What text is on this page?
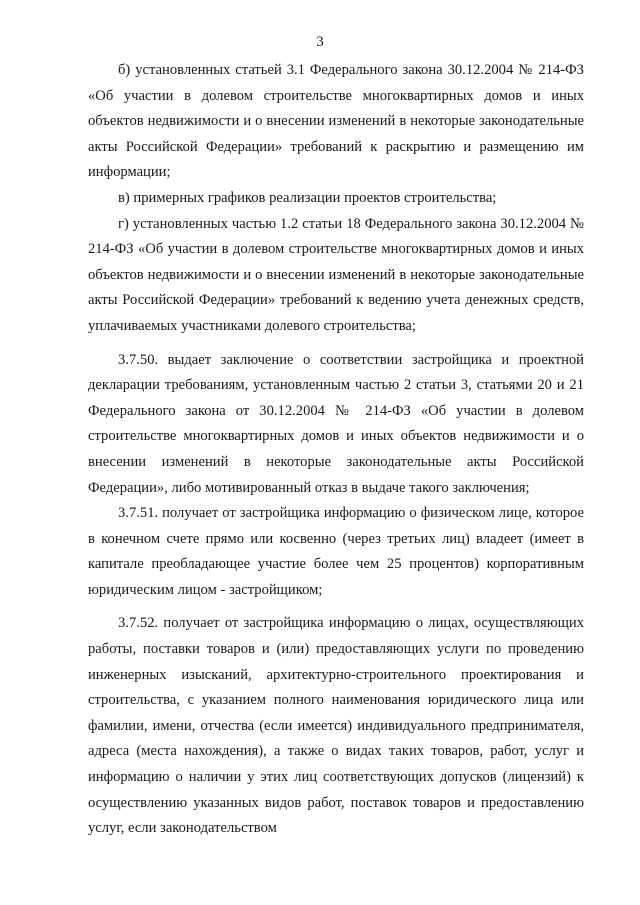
3

б) установленных статьей 3.1 Федерального закона 30.12.2004 № 214-ФЗ «Об участии в долевом строительстве многоквартирных домов и иных объектов недвижимости и о внесении изменений в некоторые законодательные акты Российской Федерации» требований к раскрытию и размещению им информации;

в) примерных графиков реализации проектов строительства;

г) установленных частью 1.2 статьи 18 Федерального закона 30.12.2004 № 214-ФЗ «Об участии в долевом строительстве многоквартирных домов и иных объектов недвижимости и о внесении изменений в некоторые законодательные акты Российской Федерации» требований к ведению учета денежных средств, уплачиваемых участниками долевого строительства;

3.7.50. выдает заключение о соответствии застройщика и проектной декларации требованиям, установленным частью 2 статьи 3, статьями 20 и 21 Федерального закона от 30.12.2004 № 214-ФЗ «Об участии в долевом строительстве многоквартирных домов и иных объектов недвижимости и о внесении изменений в некоторые законодательные акты Российской Федерации», либо мотивированный отказ в выдаче такого заключения;

3.7.51. получает от застройщика информацию о физическом лице, которое в конечном счете прямо или косвенно (через третьих лиц) владеет (имеет в капитале преобладающее участие более чем 25 процентов) корпоративным юридическим лицом - застройщиком;

3.7.52. получает от застройщика информацию о лицах, осуществляющих работы, поставки товаров и (или) предоставляющих услуги по проведению инженерных изысканий, архитектурно-строительного проектирования и строительства, с указанием полного наименования юридического лица или фамилии, имени, отчества (если имеется) индивидуального предпринимателя, адреса (места нахождения), а также о видах таких товаров, работ, услуг и информацию о наличии у этих лиц соответствующих допусков (лицензий) к осуществлению указанных видов работ, поставок товаров и предоставлению услуг, если законодательством
